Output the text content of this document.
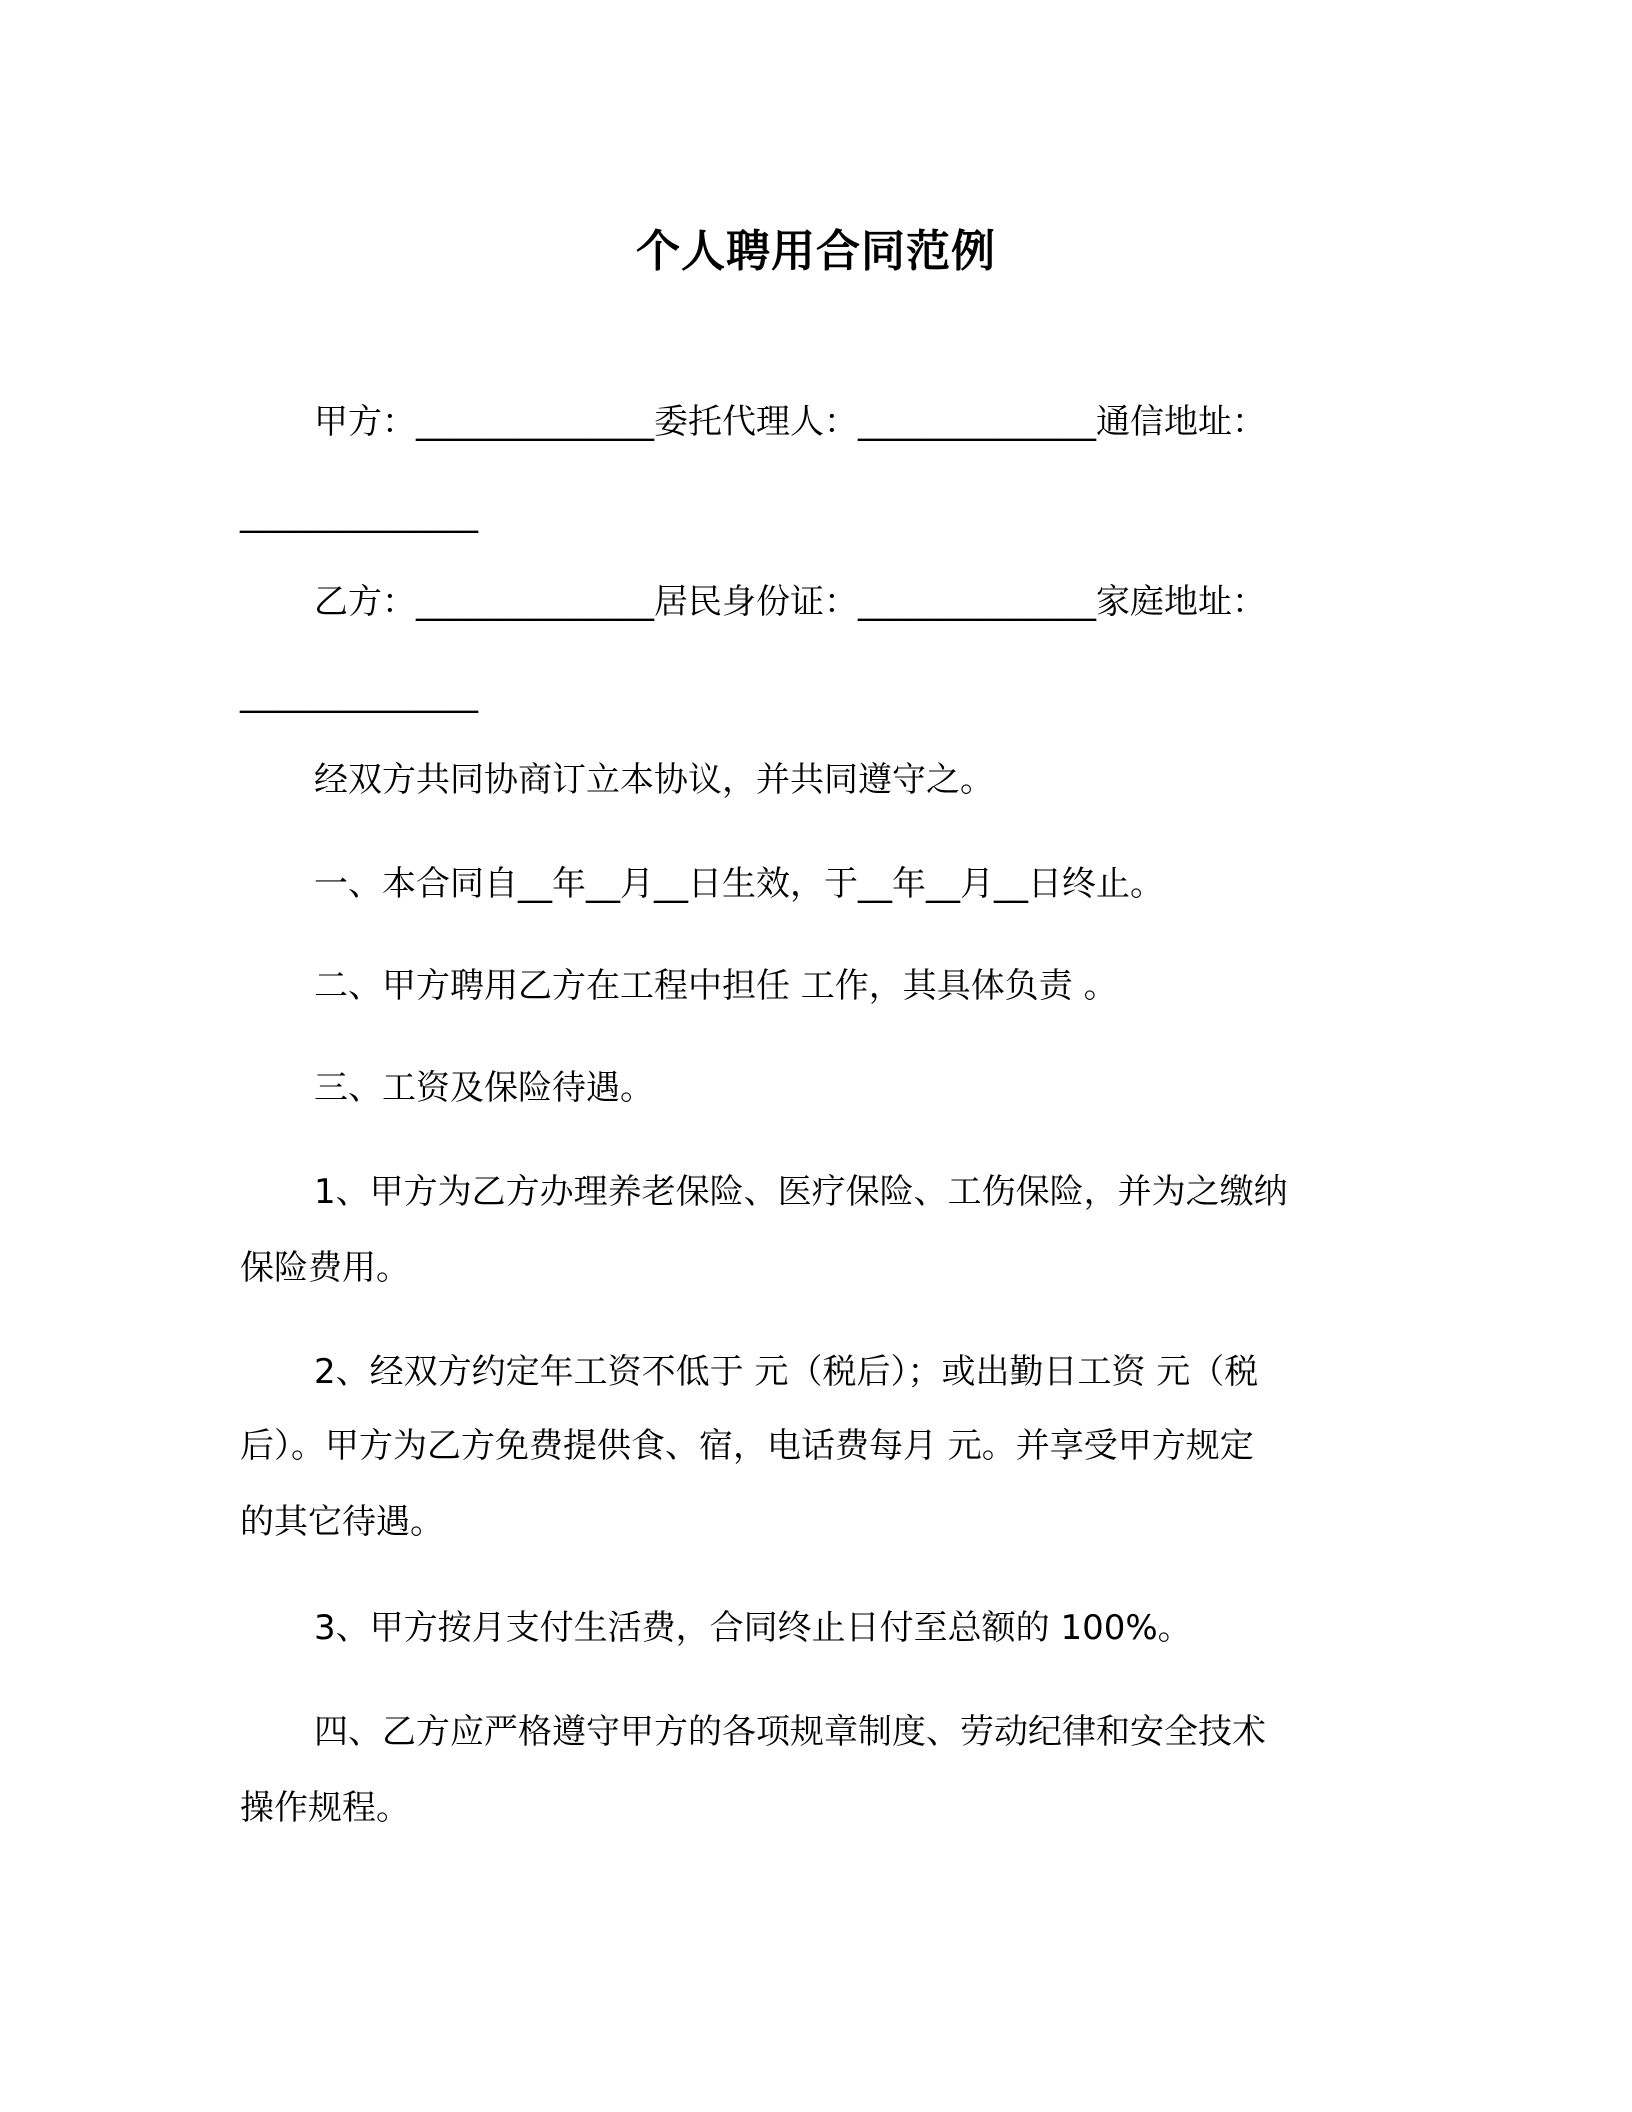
个人聘用合同范例
甲方：______________委托代理人：______________通信地址：
______________
乙方：______________居民身份证：______________家庭地址：
______________
经双方共同协商订立本协议，并共同遵守之。
一、本合同自__年__月__日生效，于__年__月__日终止。
二、甲方聘用乙方在工程中担任 工作，其具体负责 。
三、工资及保险待遇。
1、甲方为乙方办理养老保险、医疗保险、工伤保险，并为之缴纳
保险费用。
2、经双方约定年工资不低于 元（税后）；或出勤日工资 元（税
后）。甲方为乙方免费提供食、宿，电话费每月 元。并享受甲方规定
的其它待遇。
3、甲方按月支付生活费，合同终止日付至总额的 100%。
四、乙方应严格遵守甲方的各项规章制度、劳动纪律和安全技术
操作规程。
